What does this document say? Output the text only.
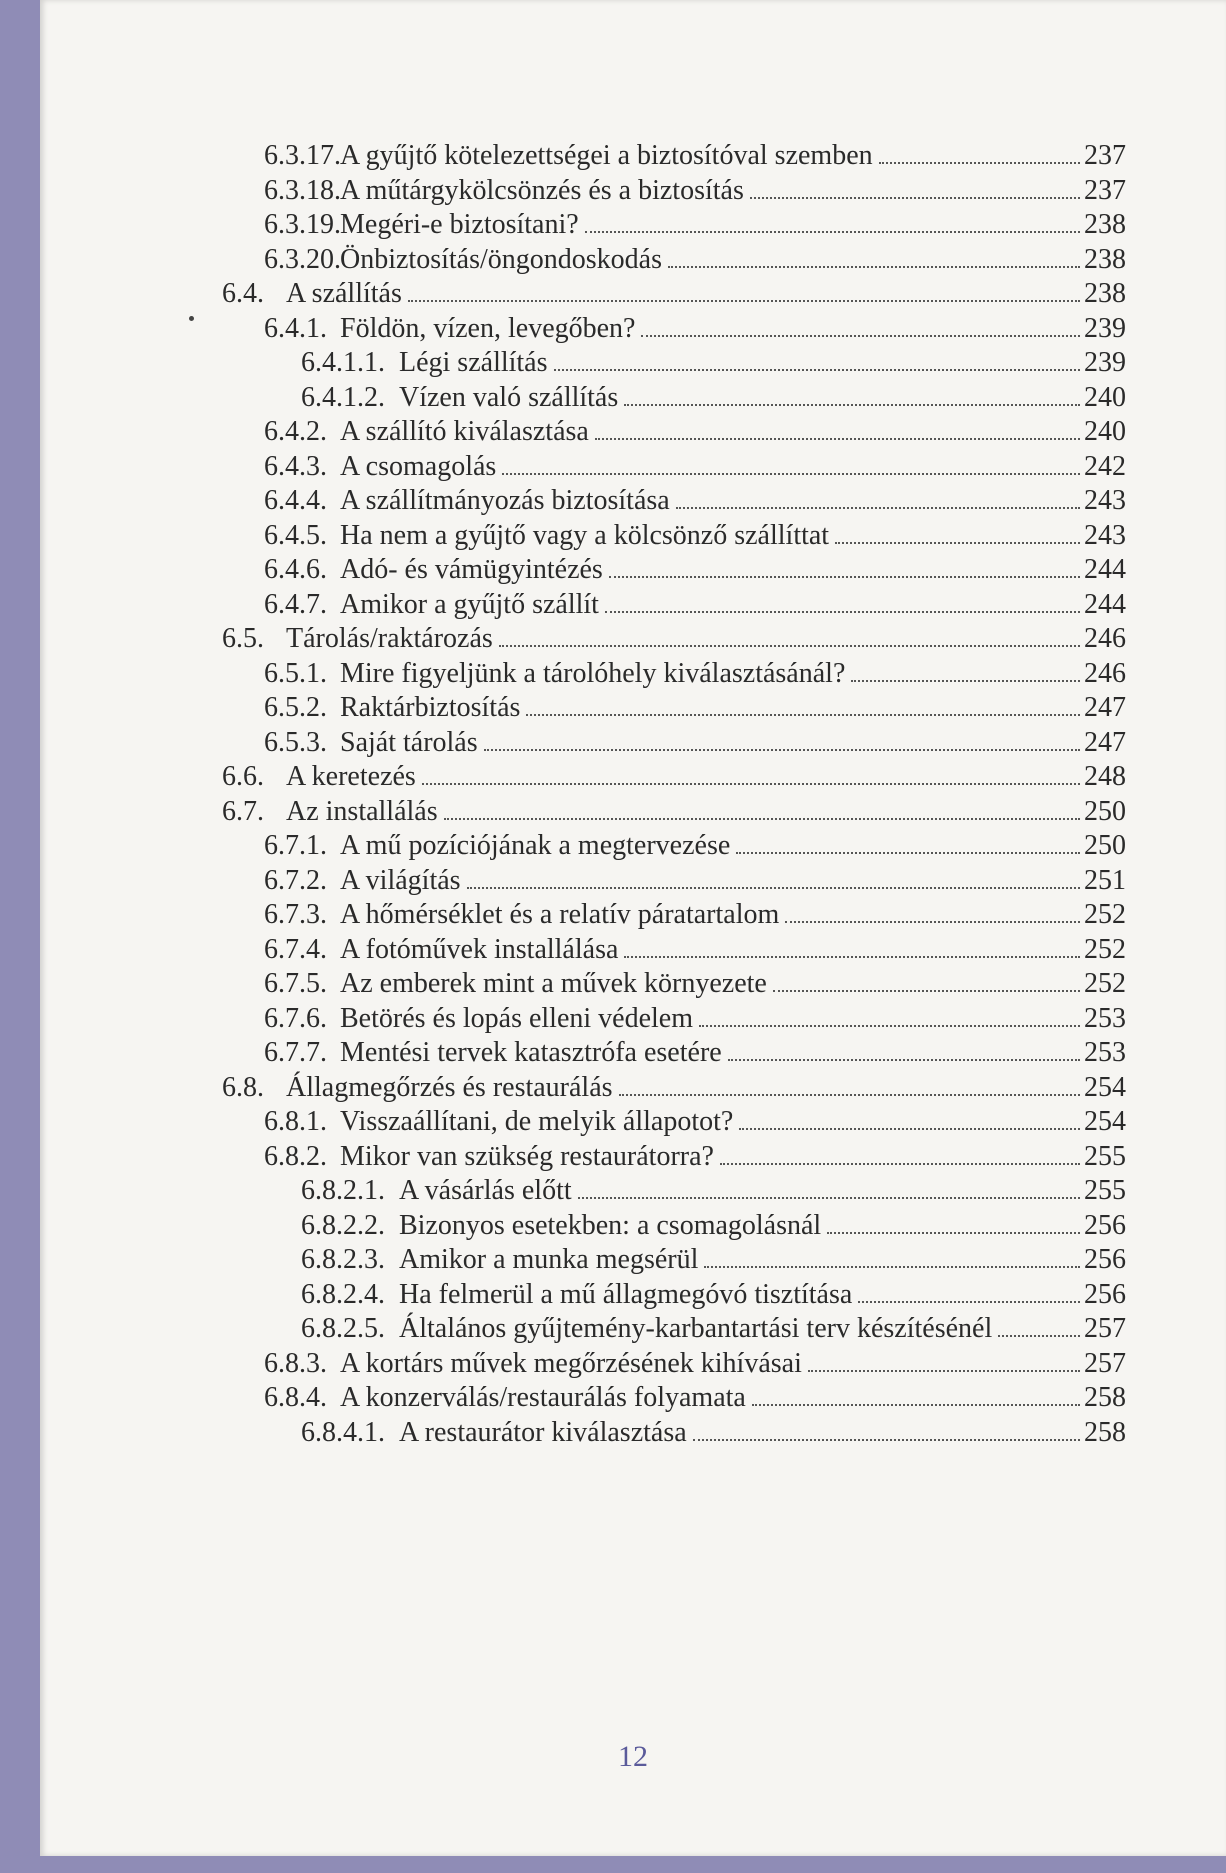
6.3.17. A gyűjtő kötelezettségei a biztosítóval szemben	237
6.3.18. A műtárgykölcsönzés és a biztosítás	237
6.3.19. Megéri-e biztosítani?	238
6.3.20. Önbiztosítás/öngondoskodás	238
6.4. A szállítás	238
6.4.1. Földön, vízen, levegőben?	239
6.4.1.1. Légi szállítás	239
6.4.1.2. Vízen való szállítás	240
6.4.2. A szállító kiválasztása	240
6.4.3. A csomagolás	242
6.4.4. A szállítmányozás biztosítása	243
6.4.5. Ha nem a gyűjtő vagy a kölcsönző szállíttat	243
6.4.6. Adó- és vámügyintézés	244
6.4.7. Amikor a gyűjtő szállít	244
6.5. Tárolás/raktározás	246
6.5.1. Mire figyeljünk a tárolóhely kiválasztásánál?	246
6.5.2. Raktárbiztosítás	247
6.5.3. Saját tárolás	247
6.6. A keretezés	248
6.7. Az installálás	250
6.7.1. A mű pozíciójának a megtervezése	250
6.7.2. A világítás	251
6.7.3. A hőmérséklet és a relatív páratartalom	252
6.7.4. A fotóművek installálása	252
6.7.5. Az emberek mint a művek környezete	252
6.7.6. Betörés és lopás elleni védelem	253
6.7.7. Mentési tervek katasztrófa esetére	253
6.8. Állagmegőrzés és restaurálás	254
6.8.1. Visszaállítani, de melyik állapotot?	254
6.8.2. Mikor van szükség restaurátorra?	255
6.8.2.1. A vásárlás előtt	255
6.8.2.2. Bizonyos esetekben: a csomagolásnál	256
6.8.2.3. Amikor a munka megsérül	256
6.8.2.4. Ha felmerül a mű állagmegóvó tisztítása	256
6.8.2.5. Általános gyűjtemény-karbantartási terv készítésénél	257
6.8.3. A kortárs művek megőrzésének kihívásai	257
6.8.4. A konzerválás/restaurálás folyamata	258
6.8.4.1. A restaurátor kiválasztása	258
12
